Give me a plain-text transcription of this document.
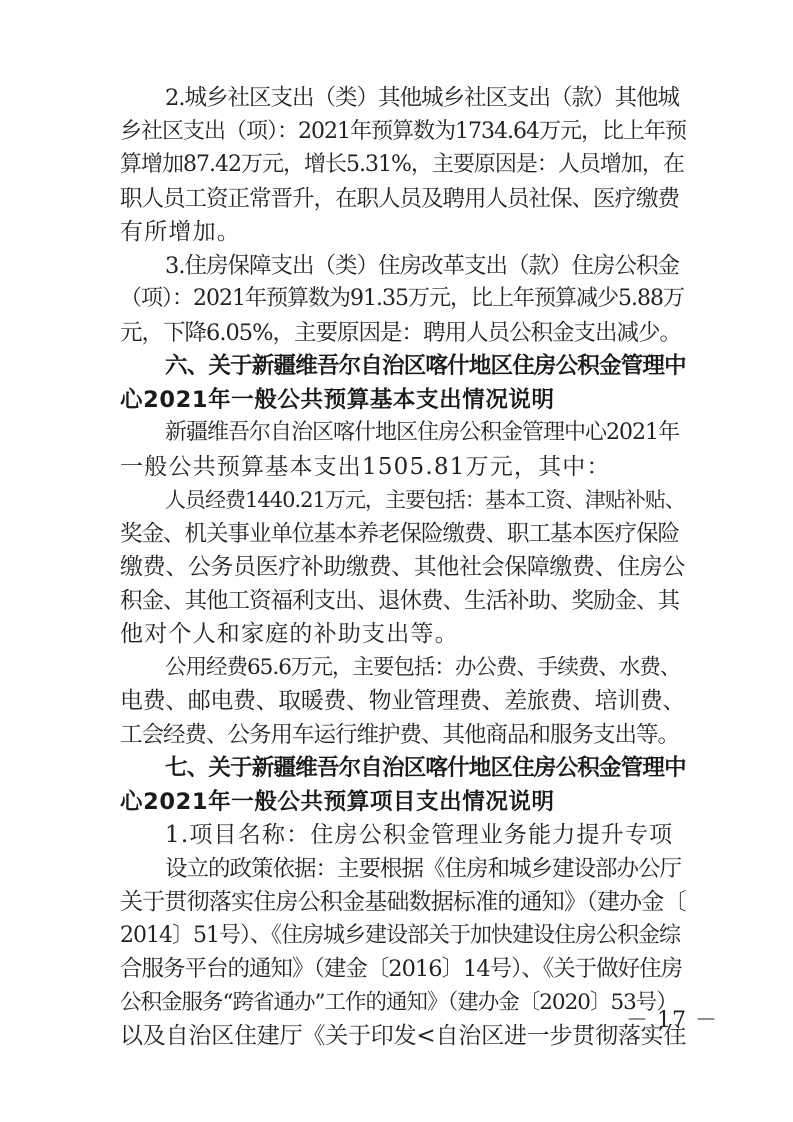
2.城乡社区支出（类）其他城乡社区支出（款）其他城
乡社区支出（项）：2021年预算数为1734.64万元，比上年预
算增加87.42万元，增长5.31%，主要原因是：人员增加，在
职人员工资正常晋升，在职人员及聘用人员社保、医疗缴费
有所增加。
3.住房保障支出（类）住房改革支出（款）住房公积金
（项）：2021年预算数为91.35万元，比上年预算减少5.88万
元，下降6.05%，主要原因是：聘用人员公积金支出减少。
六、关于新疆维吾尔自治区喀什地区住房公积金管理中
心2021年一般公共预算基本支出情况说明
新疆维吾尔自治区喀什地区住房公积金管理中心2021年
一般公共预算基本支出1505.81万元，其中：
人员经费1440.21万元，主要包括：基本工资、津贴补贴、
奖金、机关事业单位基本养老保险缴费、职工基本医疗保险
缴费、公务员医疗补助缴费、其他社会保障缴费、住房公
积金、其他工资福利支出、退休费、生活补助、奖励金、其
他对个人和家庭的补助支出等。
公用经费65.6万元，主要包括：办公费、手续费、水费、
电费、邮电费、取暖费、物业管理费、差旅费、培训费、
工会经费、公务用车运行维护费、其他商品和服务支出等。
七、关于新疆维吾尔自治区喀什地区住房公积金管理中
心2021年一般公共预算项目支出情况说明
1.项目名称：住房公积金管理业务能力提升专项
设立的政策依据：主要根据《住房和城乡建设部办公厅
关于贯彻落实住房公积金基础数据标准的通知》（建办金〔
2014〕51号）、《住房城乡建设部关于加快建设住房公积金综
合服务平台的通知》（建金〔2016〕14号）、《关于做好住房
公积金服务“跨省通办”工作的通知》（建办金〔2020〕53号）
以及自治区住建厅《关于印发<自治区进一步贯彻落实住
－ 17 －
